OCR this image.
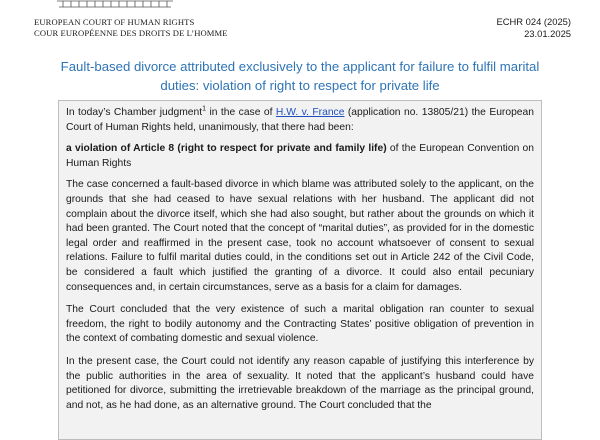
EUROPEAN COURT OF HUMAN RIGHTS
COUR EUROPÉENNE DES DROITS DE L’HOMME
ECHR 024 (2025)
23.01.2025
Fault-based divorce attributed exclusively to the applicant for failure to fulfil marital duties: violation of right to respect for private life

In today’s Chamber judgment$^1$ in the case of H.W. v. France (application no. 13805/21) the European Court of Human Rights held, unanimously, that there had been:

a violation of Article 8 (right to respect for private and family life) of the European Convention on Human Rights

The case concerned a fault-based divorce in which blame was attributed solely to the applicant, on the grounds that she had ceased to have sexual relations with her husband. The applicant did not complain about the divorce itself, which she had also sought, but rather about the grounds on which it had been granted. The Court noted that the concept of “marital duties”, as provided for in the domestic legal order and reaffirmed in the present case, took no account whatsoever of consent to sexual relations. Failure to fulfil marital duties could, in the conditions set out in Article 242 of the Civil Code, be considered a fault which justified the granting of a divorce. It could also entail pecuniary consequences and, in certain circumstances, serve as a basis for a claim for damages.

The Court concluded that the very existence of such a marital obligation ran counter to sexual freedom, the right to bodily autonomy and the Contracting States’ positive obligation of prevention in the context of combating domestic and sexual violence.

In the present case, the Court could not identify any reason capable of justifying this interference by the public authorities in the area of sexuality. It noted that the applicant’s husband could have petitioned for divorce, submitting the irretrievable breakdown of the marriage as the principal ground, and not, as he had done, as an alternative ground. The Court concluded that the
